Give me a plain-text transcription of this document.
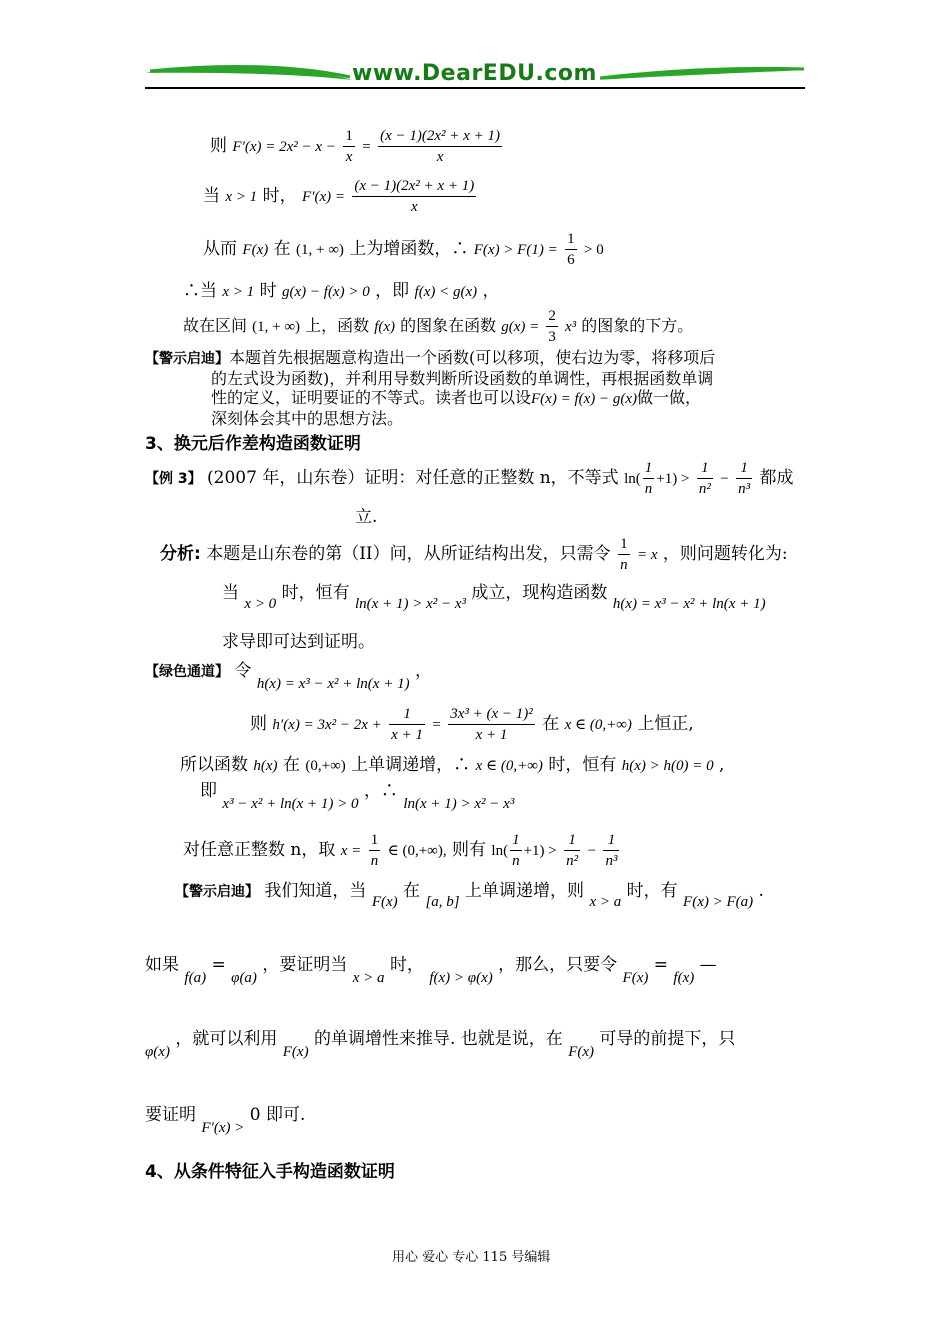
www.DearEDU.com
则 $F'(x) = 2x^2 - x - \frac{1}{x} = \frac{\text{(x − 1)(2x² + x + 1)}}{x}$
当 x > 1 时， $F'(x) = \frac{\text{(x − 1)(2x² + x + 1)}}{x}$
从而 F(x) 在 (1, + ∞) 上为增函数，∴ $F(x) > F(1) = \frac{1}{6} > 0$
∴当 x > 1 时 g(x) − f(x) > 0 ，即 f(x) < g(x) ，
故在区间 (1, + ∞) 上，函数 f(x) 的图象在函数 $g(x) = \frac{2}{3} x^3$ 的图象的下方。
【警示启迪】本题首先根据题意构造出一个函数(可以移项，使右边为零，将移项后
的左式设为函数)，并利用导数判断所设函数的单调性，再根据函数单调
性的定义，证明要证的不等式。读者也可以设F(x) = f(x) − g(x)做一做，
深刻体会其中的思想方法。
3、换元后作差构造函数证明
【例 3】 (2007 年，山东卷）证明：对任意的正整数 n，不等式 $\ln( \frac{1}{n} +1) > \frac{1}{\text{n²}} - \frac{1}{\text{n³}}$ 都成
立.
分析: 本题是山东卷的第（II）问，从所证结构出发，只需令 $\frac{1}{n} = x$ ，则问题转化为:
当 x > 0 时，恒有 ln(x + 1) > x² − x³ 成立，现构造函数 h(x) = x³ − x² + ln(x + 1)
求导即可达到证明。
【绿色通道】 令 h(x) = x³ − x² + ln(x + 1) ，
则 $h'(x) = 3x^2 - 2x + \frac{1}{x + 1} = \frac{\text{3x³ + (x − 1)²}}{x + 1}$ 在 x ∈ (0,+∞) 上恒正,
所以函数 h(x) 在 (0,+∞) 上单调递增，∴ x ∈ (0,+∞) 时，恒有 h(x) > h(0) = 0 ,
即 x³ − x² + ln(x + 1) > 0 ，∴ ln(x + 1) > x² − x³
对任意正整数 n，取 $x = \frac{1}{n}$ ∈ (0,+∞), 则有 $\ln( \frac{1}{n} +1) > \frac{1}{\text{n²}} - \frac{1}{\text{n³}}$
【警示启迪】 我们知道，当 F(x) 在 [a, b] 上单调递增，则 x > a 时，有 F(x) > F(a) .
如果 f(a) = φ(a) ，要证明当 x > a 时， f(x) > φ(x) ，那么，只要令 F(x) = f(x) —
φ(x) ，就可以利用 F(x) 的单调增性来推导. 也就是说，在 F(x) 可导的前提下，只
要证明 F′(x) > 0 即可.
4、从条件特征入手构造函数证明
用心 爱心 专心 115 号编辑
